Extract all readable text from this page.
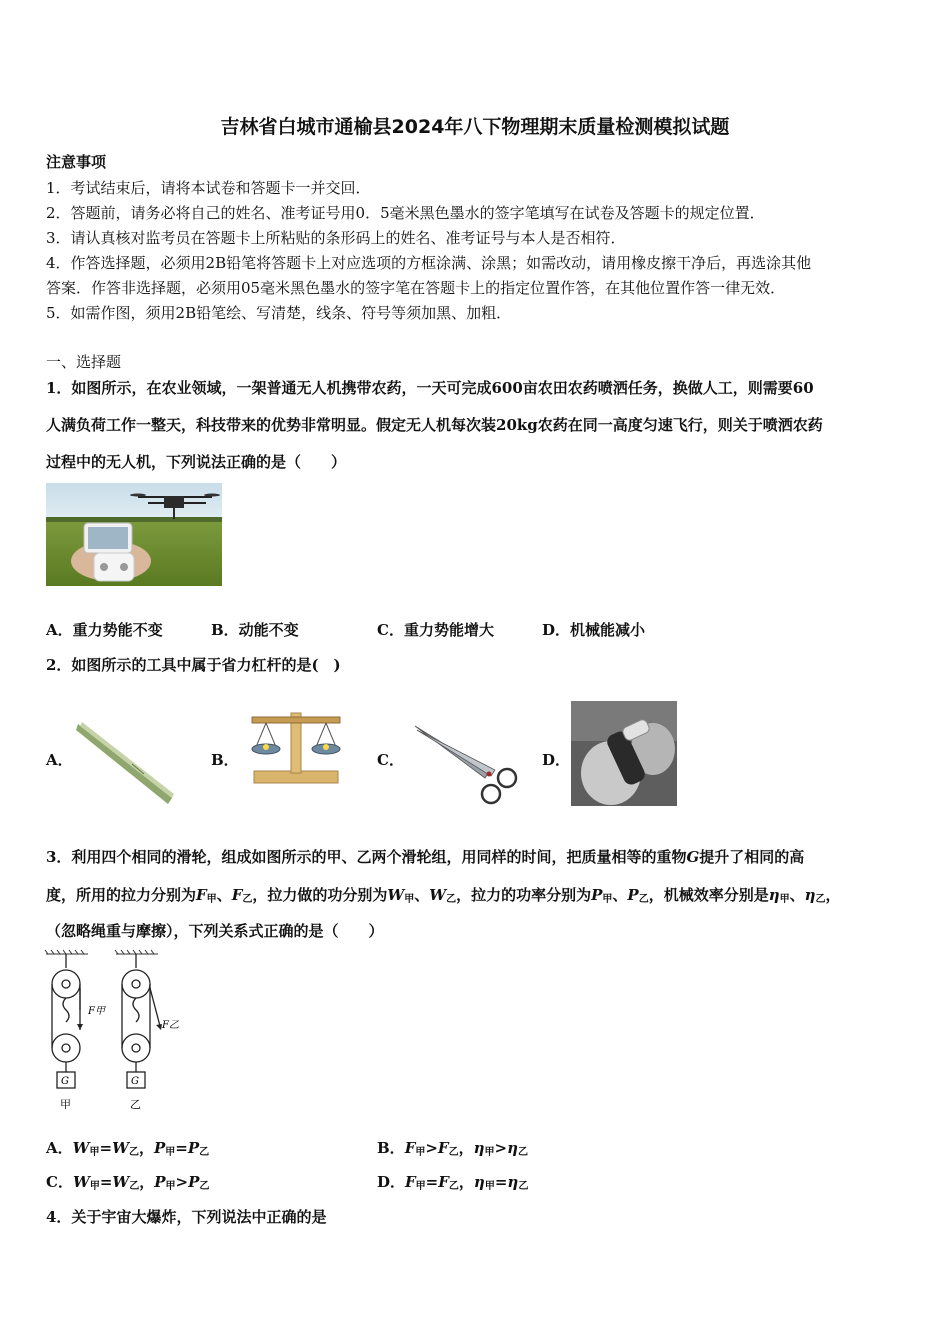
吉林省白城市通榆县2024年八下物理期末质量检测模拟试题
注意事项
1．考试结束后，请将本试卷和答题卡一并交回．
2．答题前，请务必将自己的姓名、准考证号用0．5毫米黑色墨水的签字笔填写在试卷及答题卡的规定位置．
3．请认真核对监考员在答题卡上所粘贴的条形码上的姓名、准考证号与本人是否相符．
4．作答选择题，必须用2B铅笔将答题卡上对应选项的方框涂满、涂黑；如需改动，请用橡皮擦干净后，再选涂其他
答案．作答非选择题，必须用05毫米黑色墨水的签字笔在答题卡上的指定位置作答，在其他位置作答一律无效．
5．如需作图，须用2B铅笔绘、写清楚，线条、符号等须加黑、加粗．
一、选择题
1．如图所示，在农业领域，一架普通无人机携带农药，一天可完成600亩农田农药喷洒任务，换做人工，则需要60
人满负荷工作一整天，科技带来的优势非常明显。假定无人机每次装20kg农药在同一高度匀速飞行，则关于喷洒农药
过程中的无人机，下列说法正确的是（　　）
A．重力势能不变	B．动能不变	C．重力势能增大	D．机械能减小
2．如图所示的工具中属于省力杠杆的是(　)
A．	B．	C．	D．
3．利用四个相同的滑轮，组成如图所示的甲、乙两个滑轮组，用同样的时间，把质量相等的重物G提升了相同的高
度，所用的拉力分别为$F_甲$、$F_乙$，拉力做的功分别为$W_甲$、$W_乙$，拉力的功率分别为$P_甲$、$P_乙$，机械效率分别是$\eta_甲$、$\eta_乙$，
（忽略绳重与摩擦），下列关系式正确的是（　　）
F甲
F乙
G	G
甲	乙
A．$W_甲=W_乙$，$P_甲=P_乙$	B．$F_甲>F_乙$，$\eta_甲>\eta_乙$
C．$W_甲=W_乙$，$P_甲>P_乙$	D．$F_甲=F_乙$，$\eta_甲=\eta_乙$
4．关于宇宙大爆炸，下列说法中正确的是
